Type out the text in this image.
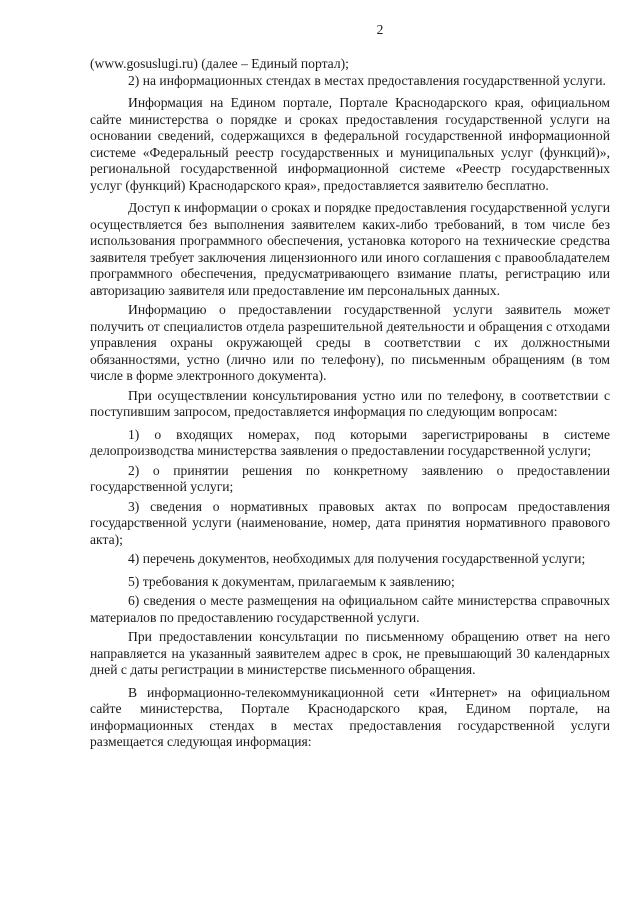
2

(www.gosuslugi.ru) (далее – Единый портал);

2) на информационных стендах в местах предоставления государственной услуги.

Информация на Едином портале, Портале Краснодарского края, официальном сайте министерства о порядке и сроках предоставления государственной услуги на основании сведений, содержащихся в федеральной государственной информационной системе «Федеральный реестр государственных и муниципальных услуг (функций)», региональной государственной информационной системе «Реестр государственных услуг (функций) Краснодарского края», предоставляется заявителю бесплатно.

Доступ к информации о сроках и порядке предоставления государственной услуги осуществляется без выполнения заявителем каких-либо требований, в том числе без использования программного обеспечения, установка которого на технические средства заявителя требует заключения лицензионного или иного соглашения с правообладателем программного обеспечения, предусматривающего взимание платы, регистрацию или авторизацию заявителя или предоставление им персональных данных.

Информацию о предоставлении государственной услуги заявитель может получить от специалистов отдела разрешительной деятельности и обращения с отходами управления охраны окружающей среды в соответствии с их должностными обязанностями, устно (лично или по телефону), по письменным обращениям (в том числе в форме электронного документа).

При осуществлении консультирования устно или по телефону, в соответствии с поступившим запросом, предоставляется информация по следующим вопросам:

1) о входящих номерах, под которыми зарегистрированы в системе делопроизводства министерства заявления о предоставлении государственной услуги;

2) о принятии решения по конкретному заявлению о предоставлении государственной услуги;

3) сведения о нормативных правовых актах по вопросам предоставления государственной услуги (наименование, номер, дата принятия нормативного правового акта);

4) перечень документов, необходимых для получения государственной услуги;

5) требования к документам, прилагаемым к заявлению;

6) сведения о месте размещения на официальном сайте министерства справочных материалов по предоставлению государственной услуги.

При предоставлении консультации по письменному обращению ответ на него направляется на указанный заявителем адрес в срок, не превышающий 30 календарных дней с даты регистрации в министерстве письменного обращения.

В информационно-телекоммуникационной сети «Интернет» на официальном сайте министерства, Портале Краснодарского края, Едином портале, на информационных стендах в местах предоставления государственной услуги размещается следующая информация:
